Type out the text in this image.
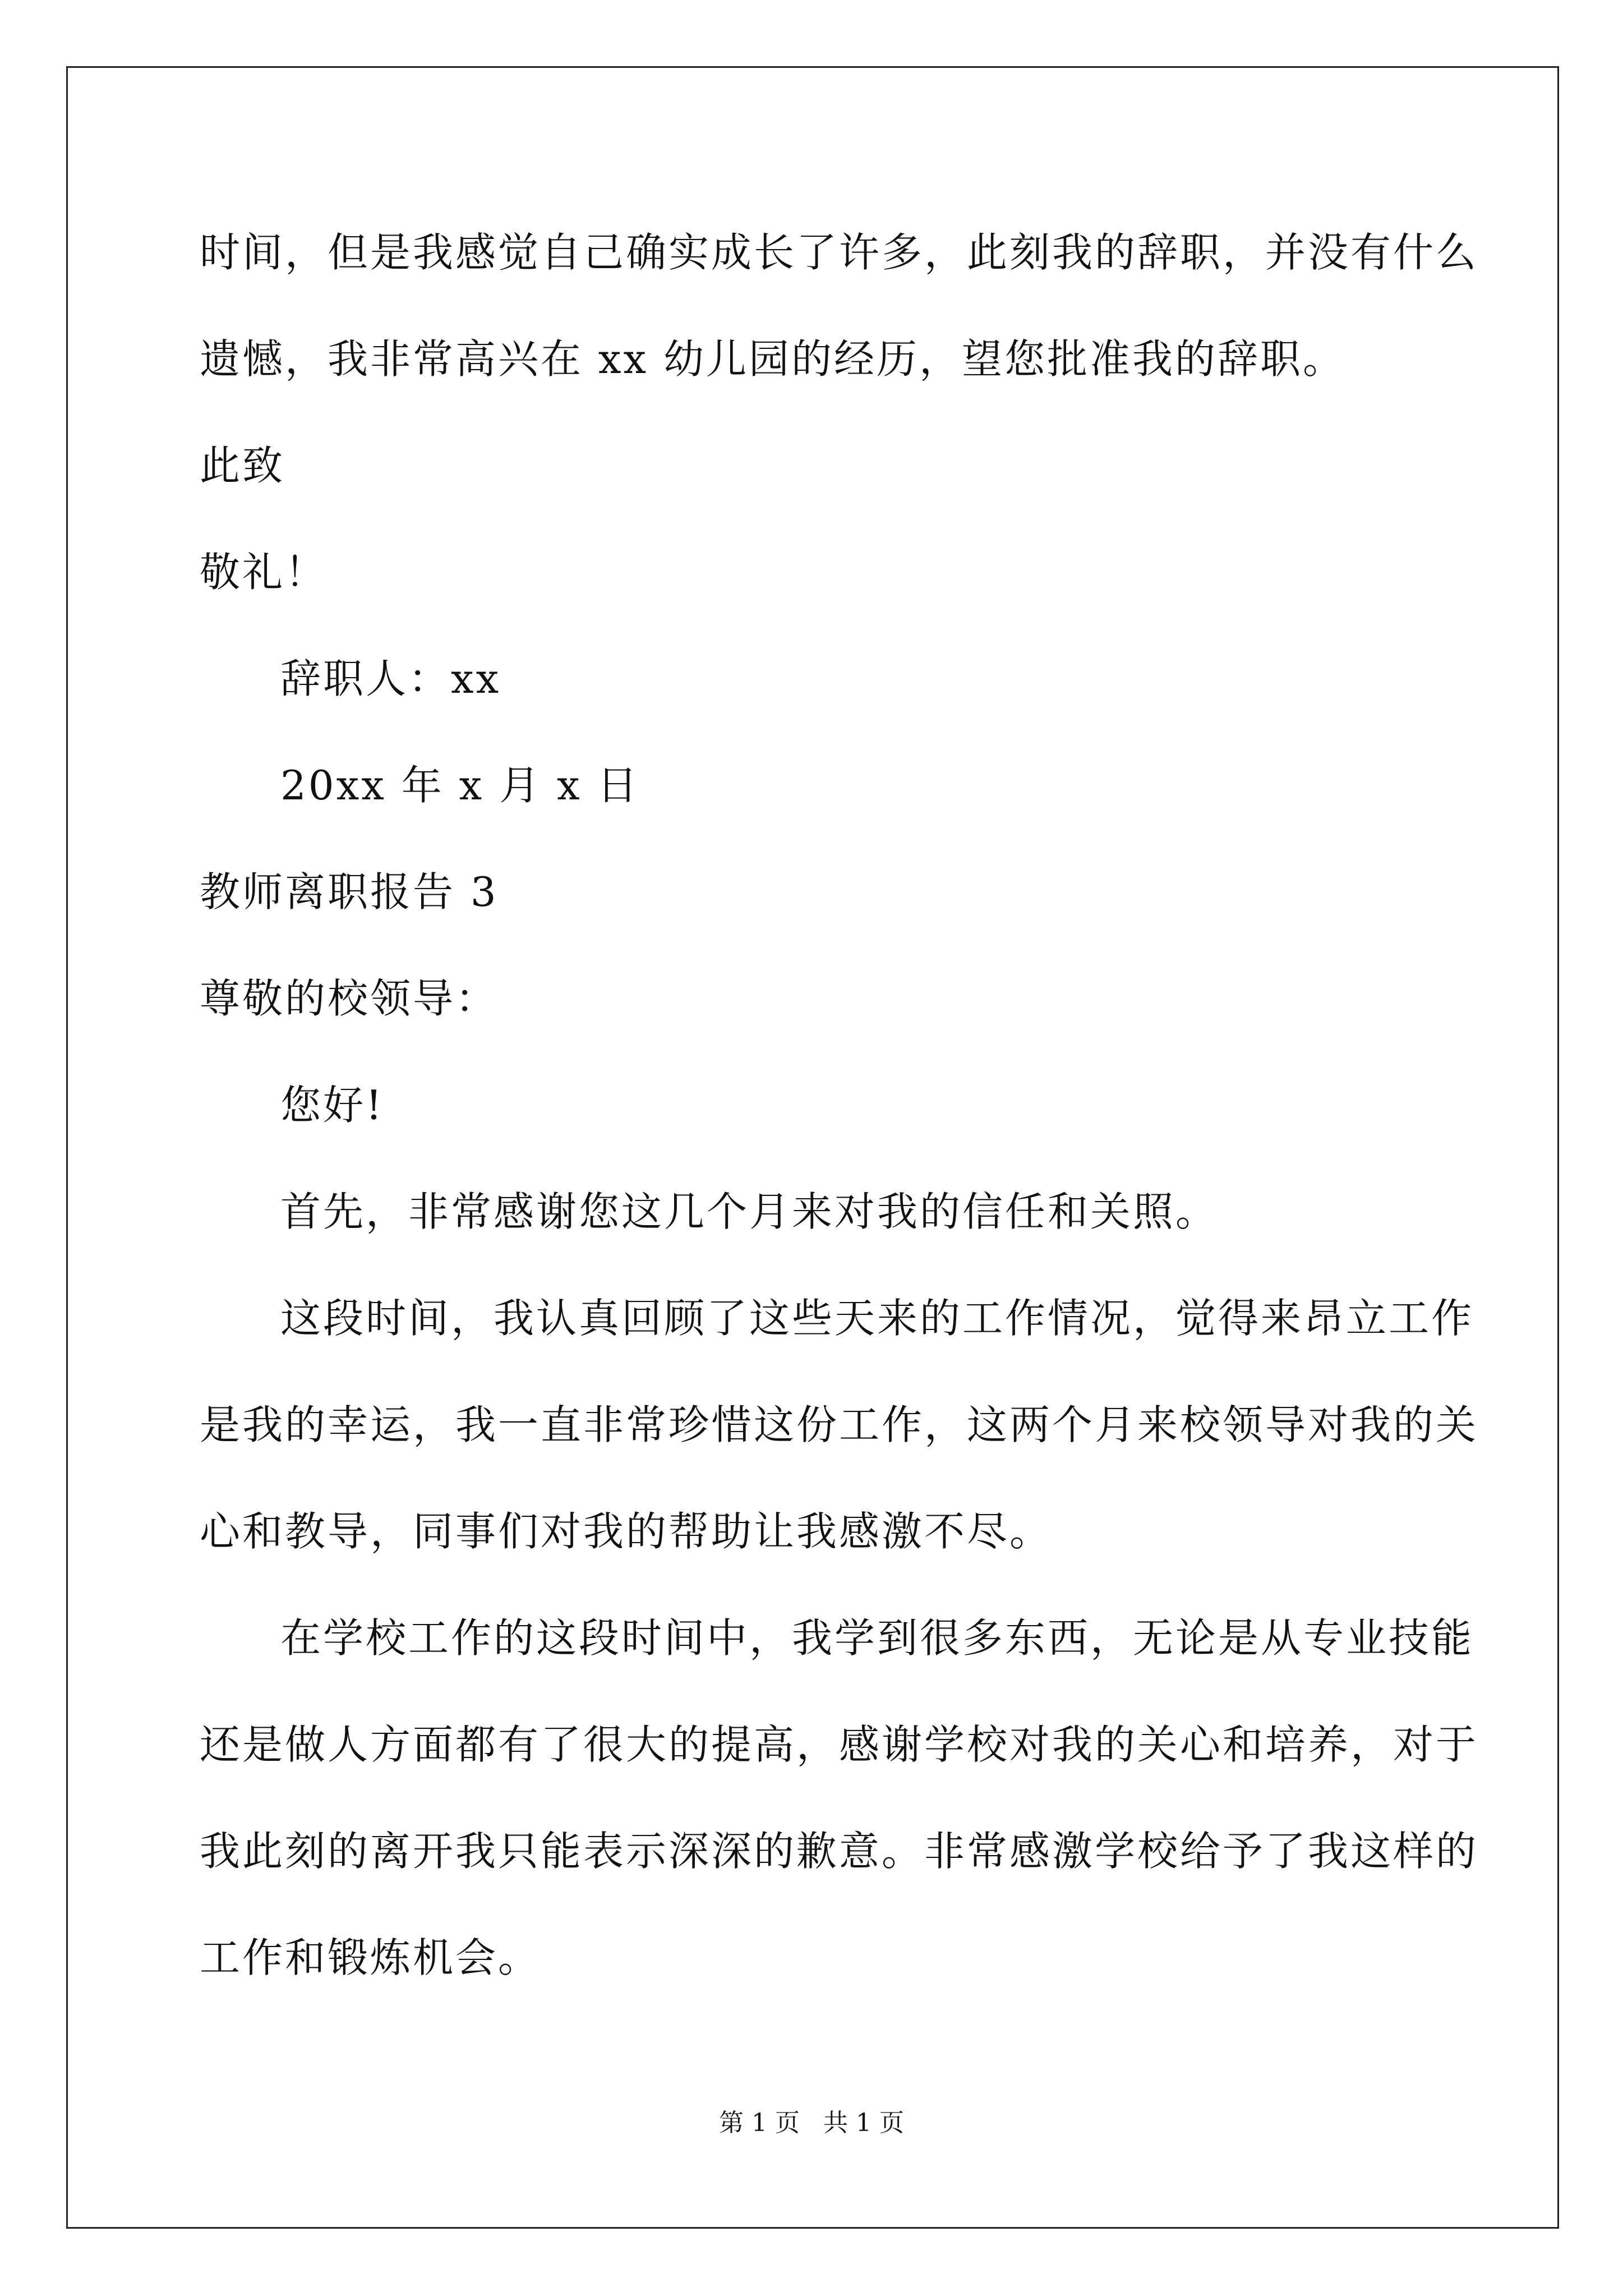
时间，但是我感觉自己确实成长了许多，此刻我的辞职，并没有什么
遗憾，我非常高兴在 xx 幼儿园的经历，望您批准我的辞职。
此致
敬礼！
辞职人：xx
20xx 年 x 月 x 日
教师离职报告 3
尊敬的校领导：
您好!
首先，非常感谢您这几个月来对我的信任和关照。
这段时间，我认真回顾了这些天来的工作情况，觉得来昂立工作
是我的幸运，我一直非常珍惜这份工作，这两个月来校领导对我的关
心和教导，同事们对我的帮助让我感激不尽。
在学校工作的这段时间中，我学到很多东西，无论是从专业技能
还是做人方面都有了很大的提高，感谢学校对我的关心和培养，对于
我此刻的离开我只能表示深深的歉意。非常感激学校给予了我这样的
工作和锻炼机会。
第 1 页   共 1 页
